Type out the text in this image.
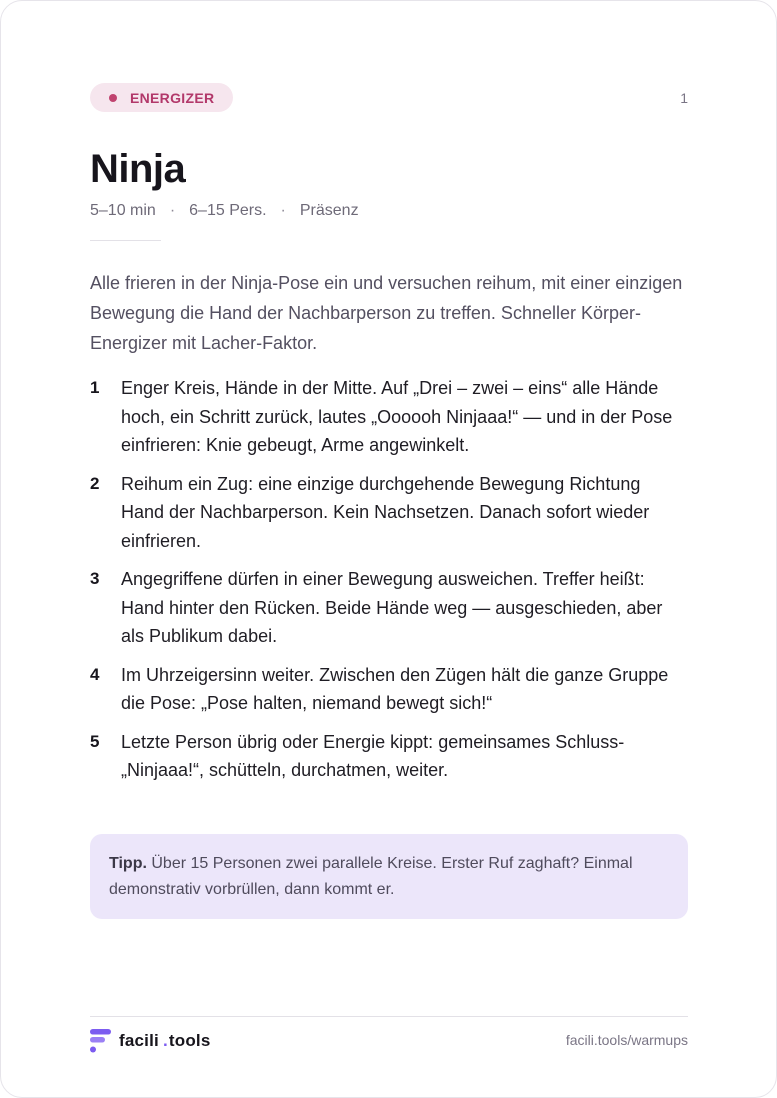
ENERGIZER	1
Ninja
5–10 min · 6–15 Pers. · Präsenz

Alle frieren in der Ninja-Pose ein und versuchen reihum, mit einer einzigen Bewegung die Hand der Nachbarperson zu treffen. Schneller Körper-Energizer mit Lacher-Faktor.

1	Enger Kreis, Hände in der Mitte. Auf „Drei – zwei – eins“ alle Hände hoch, ein Schritt zurück, lautes „Oooooh Ninjaaa!“ — und in der Pose einfrieren: Knie gebeugt, Arme angewinkelt.
2	Reihum ein Zug: eine einzige durchgehende Bewegung Richtung Hand der Nachbarperson. Kein Nachsetzen. Danach sofort wieder einfrieren.
3	Angegriffene dürfen in einer Bewegung ausweichen. Treffer heißt: Hand hinter den Rücken. Beide Hände weg — ausgeschieden, aber als Publikum dabei.
4	Im Uhrzeigersinn weiter. Zwischen den Zügen hält die ganze Gruppe die Pose: „Pose halten, niemand bewegt sich!“
5	Letzte Person übrig oder Energie kippt: gemeinsames Schluss-„Ninjaaa!“, schütteln, durchatmen, weiter.
Tipp. Über 15 Personen zwei parallele Kreise. Erster Ruf zaghaft? Einmal demonstrativ vorbrüllen, dann kommt er.
facili .tools	facili.tools/warmups
